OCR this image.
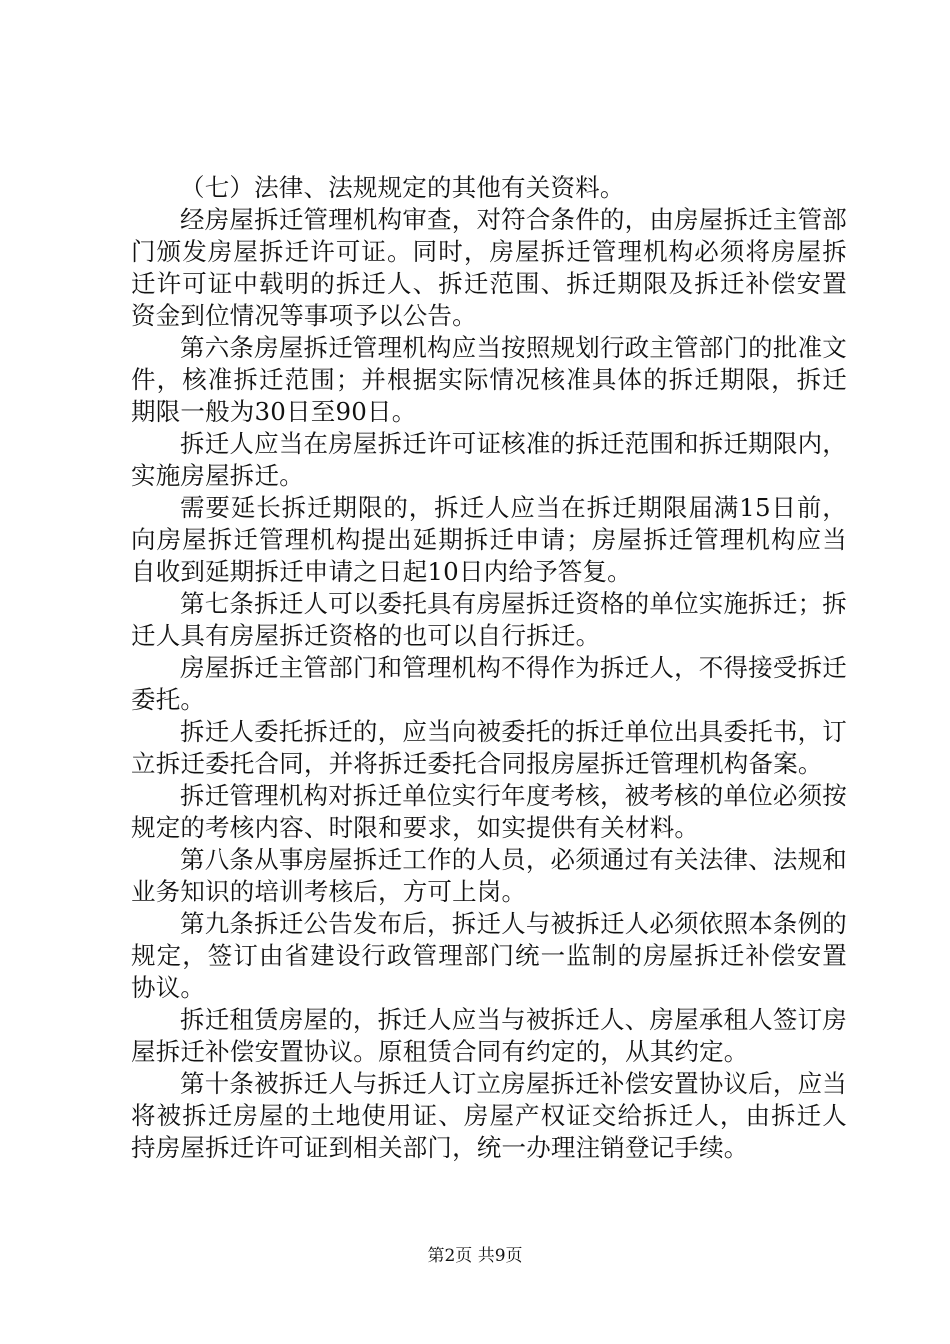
（七）法律、法规规定的其他有关资料。

经房屋拆迁管理机构审查，对符合条件的，由房屋拆迁主管部门颁发房屋拆迁许可证。同时，房屋拆迁管理机构必须将房屋拆迁许可证中载明的拆迁人、拆迁范围、拆迁期限及拆迁补偿安置资金到位情况等事项予以公告。

第六条房屋拆迁管理机构应当按照规划行政主管部门的批准文件，核准拆迁范围；并根据实际情况核准具体的拆迁期限，拆迁期限一般为30日至90日。

拆迁人应当在房屋拆迁许可证核准的拆迁范围和拆迁期限内，实施房屋拆迁。

需要延长拆迁期限的，拆迁人应当在拆迁期限届满15日前，向房屋拆迁管理机构提出延期拆迁申请；房屋拆迁管理机构应当自收到延期拆迁申请之日起10日内给予答复。

第七条拆迁人可以委托具有房屋拆迁资格的单位实施拆迁；拆迁人具有房屋拆迁资格的也可以自行拆迁。

房屋拆迁主管部门和管理机构不得作为拆迁人，不得接受拆迁委托。

拆迁人委托拆迁的，应当向被委托的拆迁单位出具委托书，订立拆迁委托合同，并将拆迁委托合同报房屋拆迁管理机构备案。

拆迁管理机构对拆迁单位实行年度考核，被考核的单位必须按规定的考核内容、时限和要求，如实提供有关材料。

第八条从事房屋拆迁工作的人员，必须通过有关法律、法规和业务知识的培训考核后，方可上岗。

第九条拆迁公告发布后，拆迁人与被拆迁人必须依照本条例的规定，签订由省建设行政管理部门统一监制的房屋拆迁补偿安置协议。

拆迁租赁房屋的，拆迁人应当与被拆迁人、房屋承租人签订房屋拆迁补偿安置协议。原租赁合同有约定的，从其约定。

第十条被拆迁人与拆迁人订立房屋拆迁补偿安置协议后，应当将被拆迁房屋的土地使用证、房屋产权证交给拆迁人，由拆迁人持房屋拆迁许可证到相关部门，统一办理注销登记手续。

第2页 共9页
